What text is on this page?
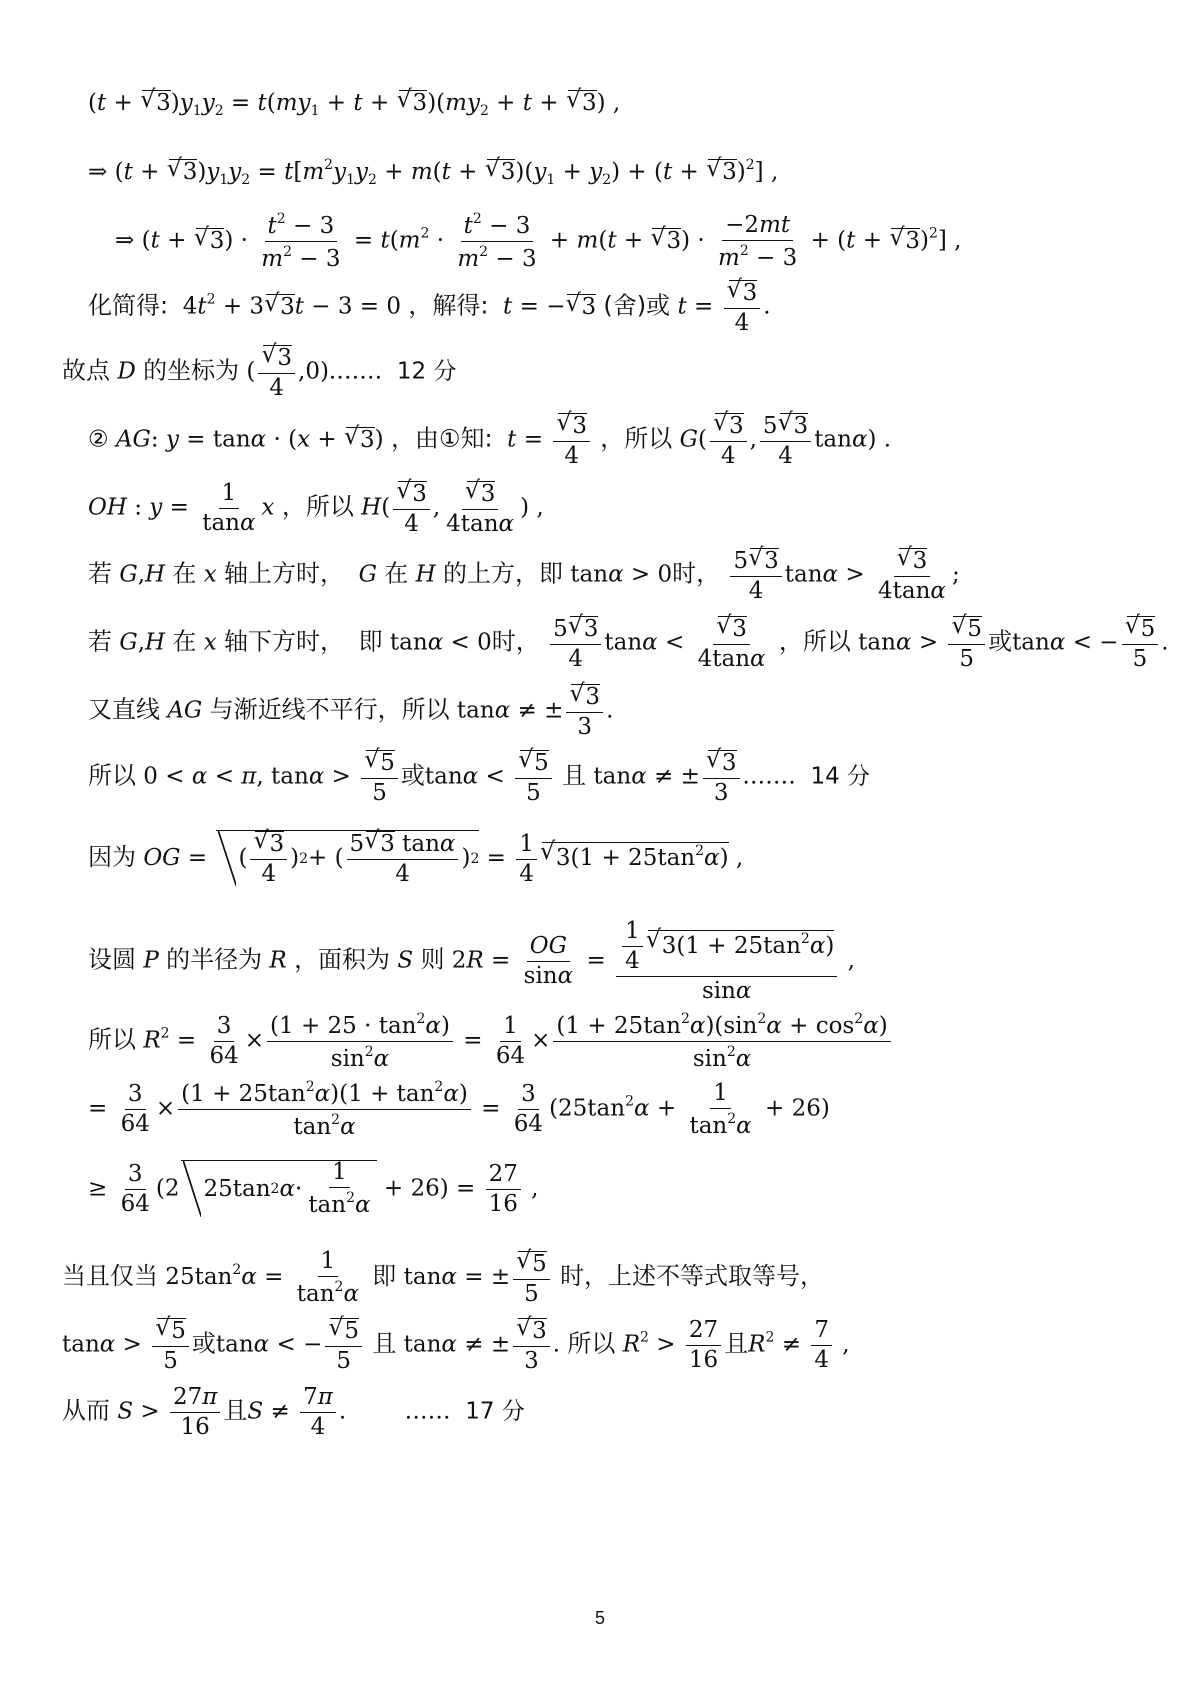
(t + √ $3)y_1y_2 = t(my_1 + t$ + √ $3)(my_2 + t$ + √ 3) ,
⇒ (t + √ $3)y_1y_2 = t[m^2y_1y_2 + m(t$ + √ $3)(y_1 + y_2) + (t$ + √ 3)$^2$] ,
⇒ (t + √ $3) \cdot \frac{t^2 - 3}{m^2 - 3} = t(m^2 \cdot \frac{t^2 - 3}{m^2 - 3} + m(t$ + √ $3) \cdot \frac{-2mt}{m^2 - 3} + (t$ + √ 3)$^2$] ,
化简得:  $4t^2 + 3√$ 3t − 3 = 0 ，解得: t = −√ 3 (舍)或 t =
√ $\frac{3}{4}$ .
故点 D 的坐标为 (
√ $\frac{3}{4}$ ,0).…… 12 分
② AG: y = tanα · (x + √ 3) ，由①知: t =
√ $\frac{3}{4}$ ，所以 G(
√ $\frac{3}{4}$ , $\frac{5√ 3}{4} \tan\alpha$) .
OH : $y = \frac{1}{\tan\alpha}$ x ，所以 H(
√ $\frac{3}{4}$ ,
√ $\frac{3}{4\tan\alpha}$ ) ,
若 G,H 在 x 轴上方时， G 在 H 的上方，即 tanα > 0时， $\frac{5√ 3}{4}$ tanα >
√ $\frac{3}{4\tan\alpha}$ ;
若 G,H 在 x 轴下方时， 即 tanα < 0时， $\frac{5√ 3}{4}$ tanα <
√ $\frac{3}{4\tan\alpha}$ ，所以 tanα >
√ $\frac{5}{5}$ 或tanα < −
√ $\frac{5}{5}$ .
又直线 AG 与渐近线不平行，所以 tanα ≠ ±
√ $\frac{3}{3}$ .
所以 0 < α < π, tanα >
√ $\frac{5}{5}$ 或tanα <
√ $\frac{5}{5}$ 且 tanα ≠ ±
√ $\frac{3}{3}$ .…… 14 分
因为 OG = (
√ $\frac{3}{4}$ ) 2 + ( $\frac{5√ 3 \tan\alpha}{4}$ ) $2 = \frac{1}{4}$
√ $3(1 + 25\tan^2\alpha)$ ,
设圆 P 的半径为 R ，面积为 S 则 $2R = \frac{OG}{\sin\alpha} = \frac{1}{4}$
√ $3(1 + 25\tan^2\alpha)$
sinα ,
所以 $R^2 = \frac{3}{64} \times \frac{(1 + 25 \cdot \tan^2\alpha)}{\sin^2\alpha} = \frac{1}{64} \times \frac{(1 + 25\tan^2\alpha)(\sin^2\alpha + \cos^2\alpha)}{\sin^2\alpha}$
= $\frac{3}{64} \times \frac{(1 + 25\tan^2\alpha)(1 + \tan^2\alpha)}{\tan^2\alpha} = \frac{3}{64} (25\tan^2\alpha + \frac{1}{\tan^2\alpha} + 26)$
≥ $\frac{3}{64} (2$ 25tan 2 $\alpha \cdot \frac{1}{\tan^2\alpha} + 26) = \frac{27}{16}$ ,
当且仅当 $25\tan^2\alpha = \frac{1}{\tan^2\alpha}$ 即 tanα = ±
√ $\frac{5}{5}$ 时，上述不等式取等号，
tanα >
√ $\frac{5}{5}$ 或tanα < −
√ $\frac{5}{5}$ 且 tanα ≠ ±
√ $\frac{3}{3}$ . 所以 $R^2 > \frac{27}{16}$ 且$R^2 \ne \frac{7}{4}$ ,
从而 $S > \frac{27\pi}{16}$ 且$S \ne \frac{7\pi}{4}$ .        …… 17 分
5
